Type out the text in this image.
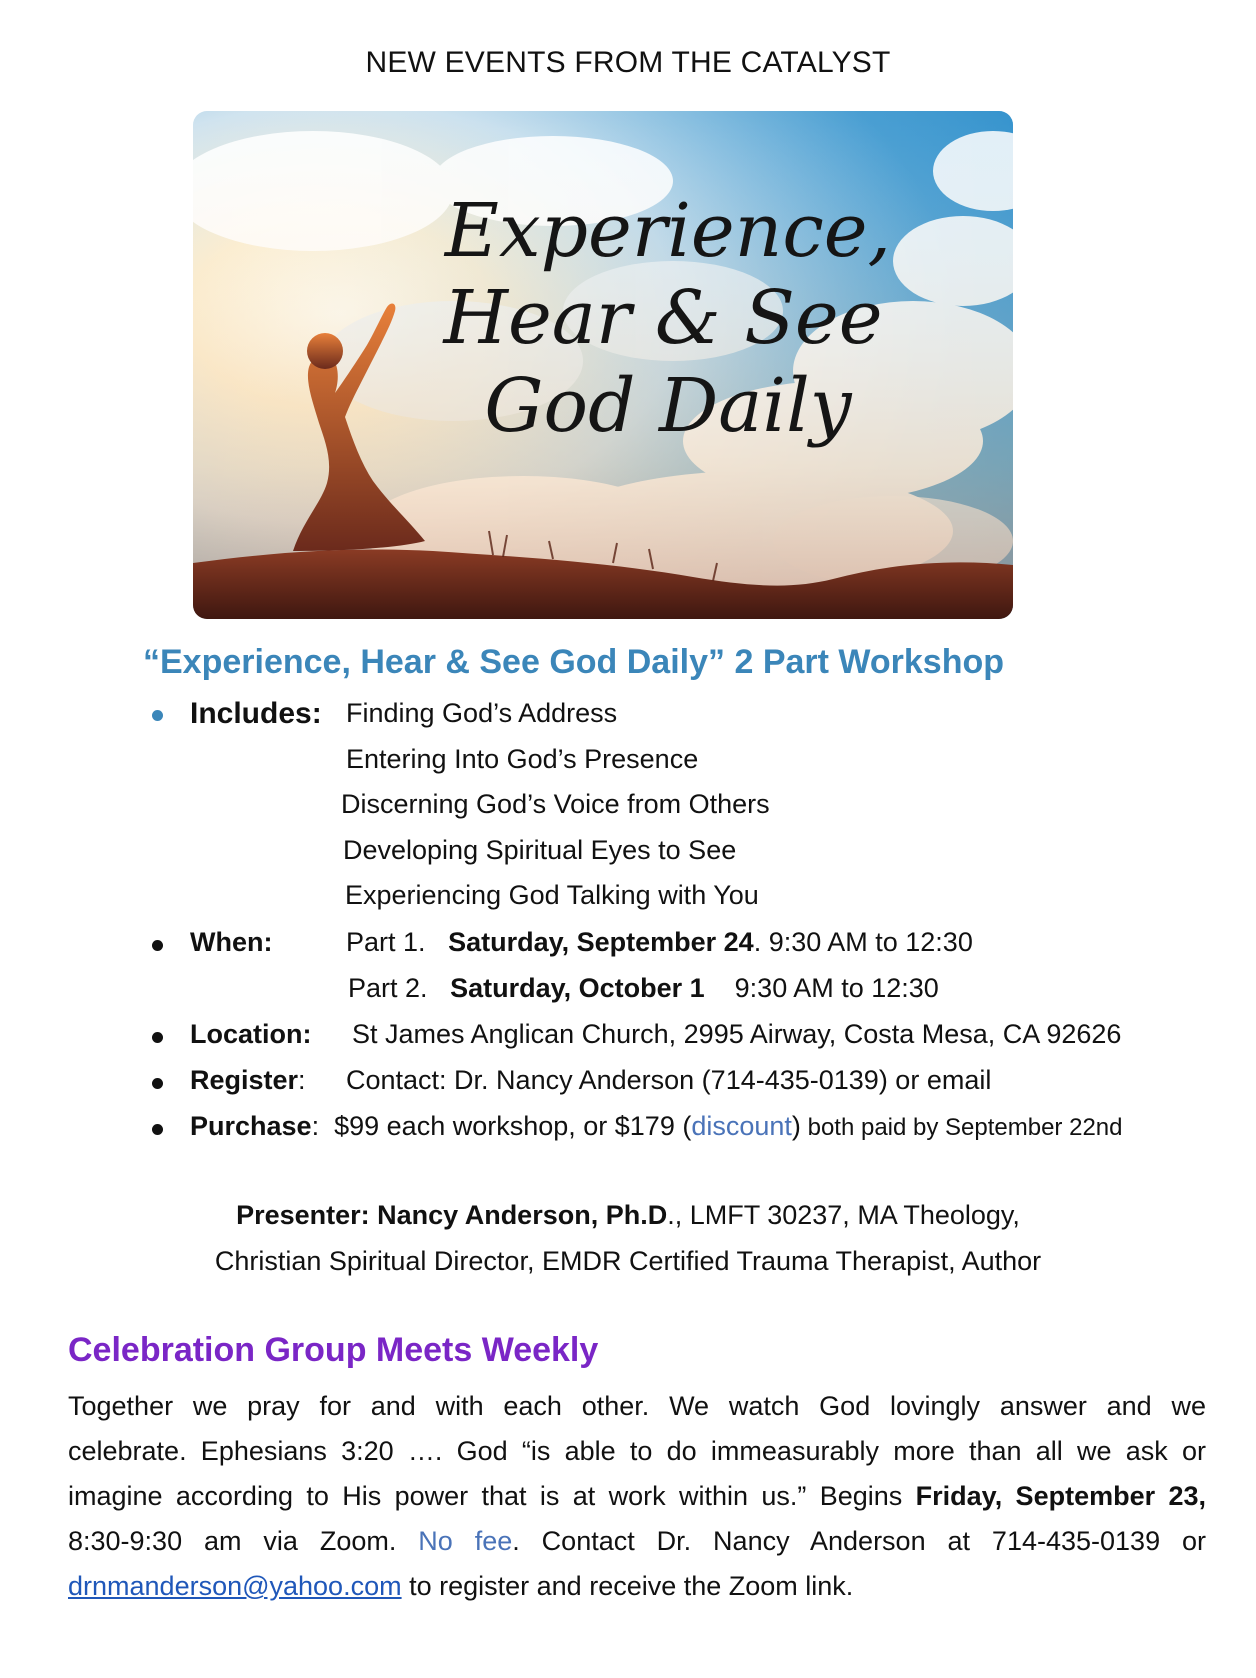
NEW EVENTS FROM THE CATALYST
Experience,
Hear & See
God Daily
“Experience, Hear & See God Daily” 2 Part Workshop
Includes: Finding God’s Address
Entering Into God’s Presence
Discerning God’s Voice from Others
Developing Spiritual Eyes to See
Experiencing God Talking with You
When:	Part 1. Saturday, September 24. 9:30 AM to 12:30
Part 2. Saturday, October 1 9:30 AM to 12:30
Location: St James Anglican Church, 2995 Airway, Costa Mesa, CA 92626
Register: Contact: Dr. Nancy Anderson (714-435-0139) or email
Purchase: $99 each workshop, or $179 (discount) both paid by September 22nd
Presenter: Nancy Anderson, Ph.D., LMFT 30237, MA Theology,
Christian Spiritual Director, EMDR Certified Trauma Therapist, Author
Celebration Group Meets Weekly
Together we pray for and with each other. We watch God lovingly answer and we
celebrate. Ephesians 3:20 …. God “is able to do immeasurably more than all we ask or
imagine according to His power that is at work within us.” Begins Friday, September 23,
8:30-9:30 am via Zoom. No fee. Contact Dr. Nancy Anderson at 714-435-0139 or
drnmanderson@yahoo.com to register and receive the Zoom link.
